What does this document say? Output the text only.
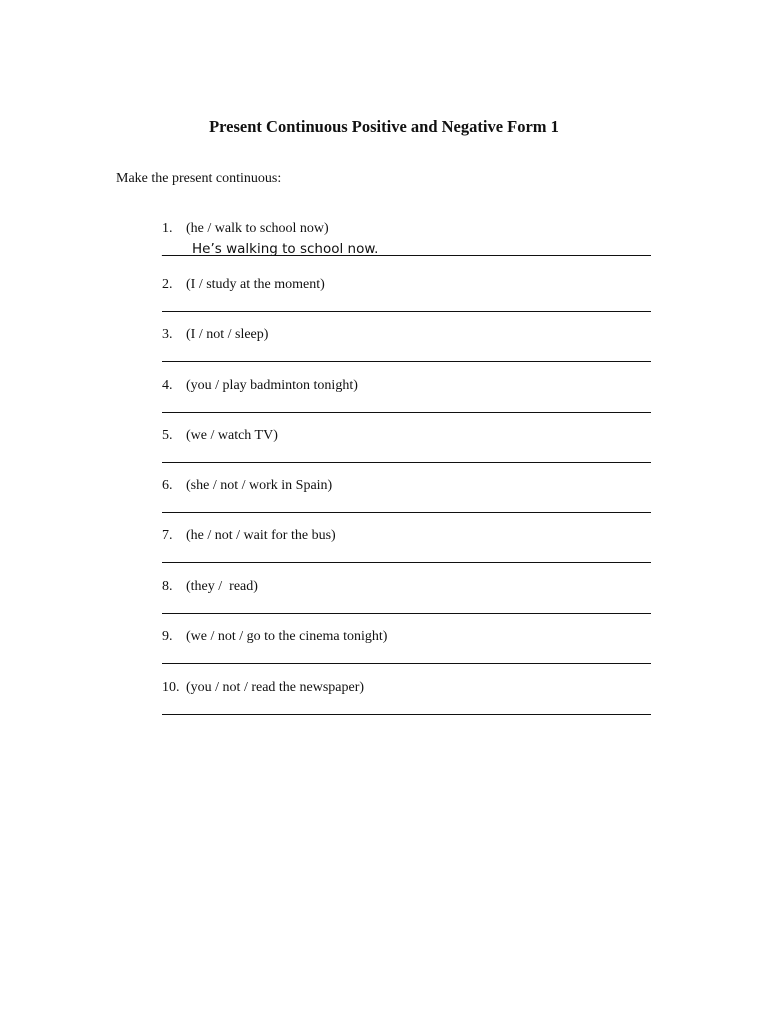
Present Continuous Positive and Negative Form 1
Make the present continuous:
1. (he / walk to school now)
____ He’s walking to school now.
2. (I / study at the moment)
3. (I / not / sleep)
4. (you / play badminton tonight)
5. (we / watch TV)
6. (she / not / work in Spain)
7. (he / not / wait for the bus)
8. (they /  read)
9. (we / not / go to the cinema tonight)
10. (you / not / read the newspaper)
